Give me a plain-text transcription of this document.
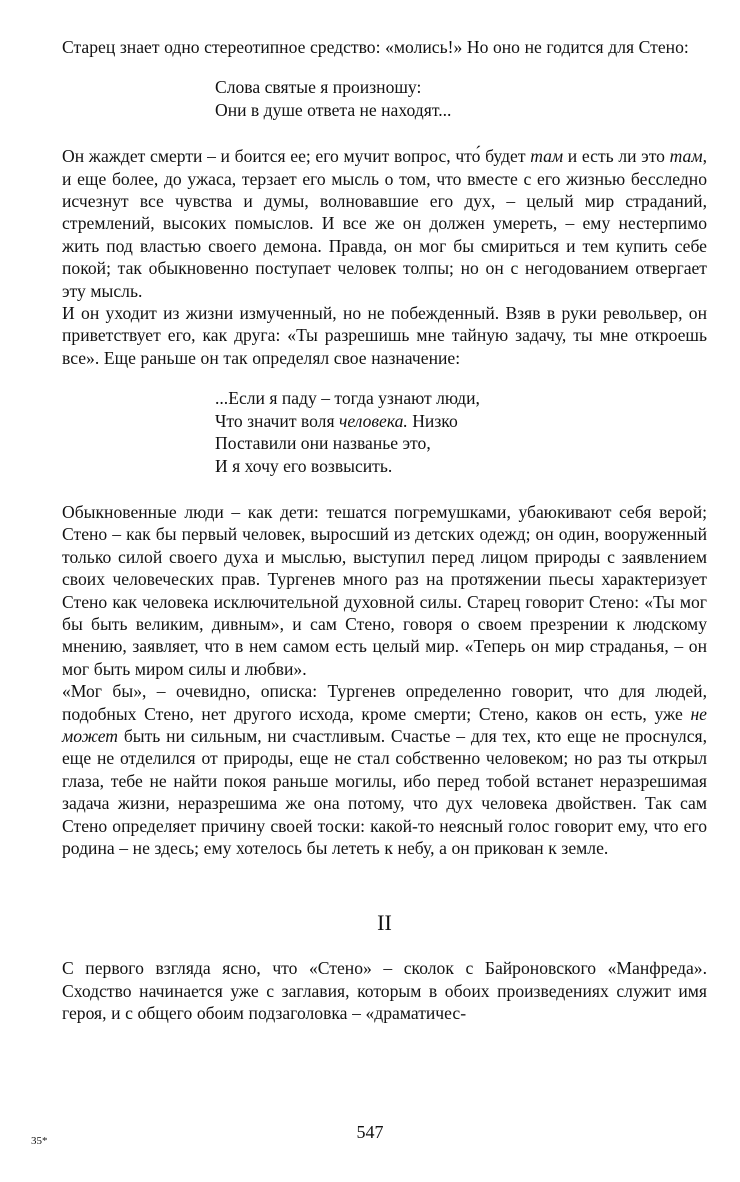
Старец знает одно стереотипное средство: «молись!» Но оно не годится для Стено:

Слова святые я произношу:
Они в душе ответа не находят...

Он жаждет смерти – и боится ее; его мучит вопрос, что́ будет там и есть ли это там, и еще более, до ужаса, терзает его мысль о том, что вместе с его жизнью бесследно исчезнут все чувства и думы, волновавшие его дух, – целый мир страданий, стремлений, высоких помыслов. И все же он должен умереть, – ему нестерпимо жить под властью своего демона. Правда, он мог бы смириться и тем купить себе покой; так обыкновенно поступает человек толпы; но он с негодованием отвергает эту мысль.

И он уходит из жизни измученный, но не побежденный. Взяв в руки револьвер, он приветствует его, как друга: «Ты разрешишь мне тайную задачу, ты мне откроешь все». Еще раньше он так определял свое назначение:

...Если я паду – тогда узнают люди,
Что значит воля человека. Низко
Поставили они названье это,
И я хочу его возвысить.

Обыкновенные люди – как дети: тешатся погремушками, убаюкивают себя верой; Стено – как бы первый человек, выросший из детских одежд; он один, вооруженный только силой своего духа и мыслью, выступил перед лицом природы с заявлением своих человеческих прав. Тургенев много раз на протяжении пьесы характеризует Стено как человека исключительной духовной силы. Старец говорит Стено: «Ты мог бы быть великим, дивным», и сам Стено, говоря о своем презрении к людскому мнению, заявляет, что в нем самом есть целый мир. «Теперь он мир страданья, – он мог быть миром силы и любви».

«Мог бы», – очевидно, описка: Тургенев определенно говорит, что для людей, подобных Стено, нет другого исхода, кроме смерти; Стено, каков он есть, уже не может быть ни сильным, ни счастливым. Счастье – для тех, кто еще не проснулся, еще не отделился от природы, еще не стал собственно человеком; но раз ты открыл глаза, тебе не найти покоя раньше могилы, ибо перед тобой встанет неразрешимая задача жизни, неразрешима же она потому, что дух человека двойствен. Так сам Стено определяет причину своей тоски: какой-то неясный голос говорит ему, что его родина – не здесь; ему хотелось бы лететь к небу, а он прикован к земле.

II

С первого взгляда ясно, что «Стено» – сколок с Байроновского «Манфреда». Сходство начинается уже с заглавия, которым в обоих произведениях служит имя героя, и с общего обоим подзаголовка – «драматичес-

547
35*
